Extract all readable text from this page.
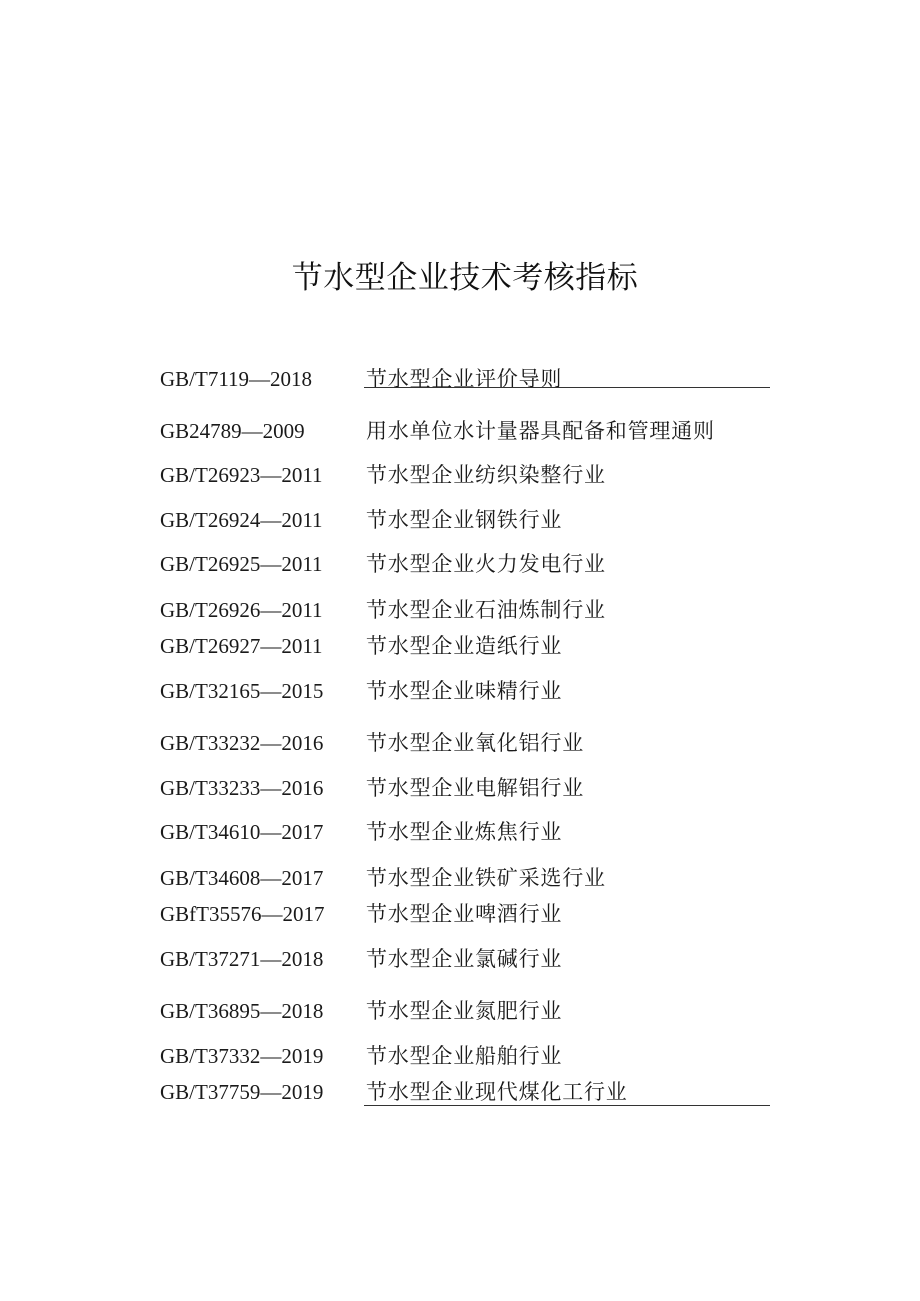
节水型企业技术考核指标
GB/T7119—2018	节水型企业评价导则
GB24789—2009	用水单位水计量器具配备和管理通则
GB/T26923—2011 节水型企业纺织染整行业
GB/T26924—2011 节水型企业钢铁行业
GB/T26925—2011 节水型企业火力发电行业
GB/T26926—2011 节水型企业石油炼制行业
GB/T26927—2011 节水型企业造纸行业
GB/T32165—2015 节水型企业味精行业
GB/T33232—2016 节水型企业氧化铝行业
GB/T33233—2016 节水型企业电解铝行业
GB/T34610—2017 节水型企业炼焦行业
GB/T34608—2017 节水型企业铁矿采选行业
GBfT35576—2017 节水型企业啤酒行业
GB/T37271—2018 节水型企业氯碱行业
GB/T36895—2018 节水型企业氮肥行业
GB/T37332—2019 节水型企业船舶行业
GB/T37759—2019 节水型企业现代煤化工行业
